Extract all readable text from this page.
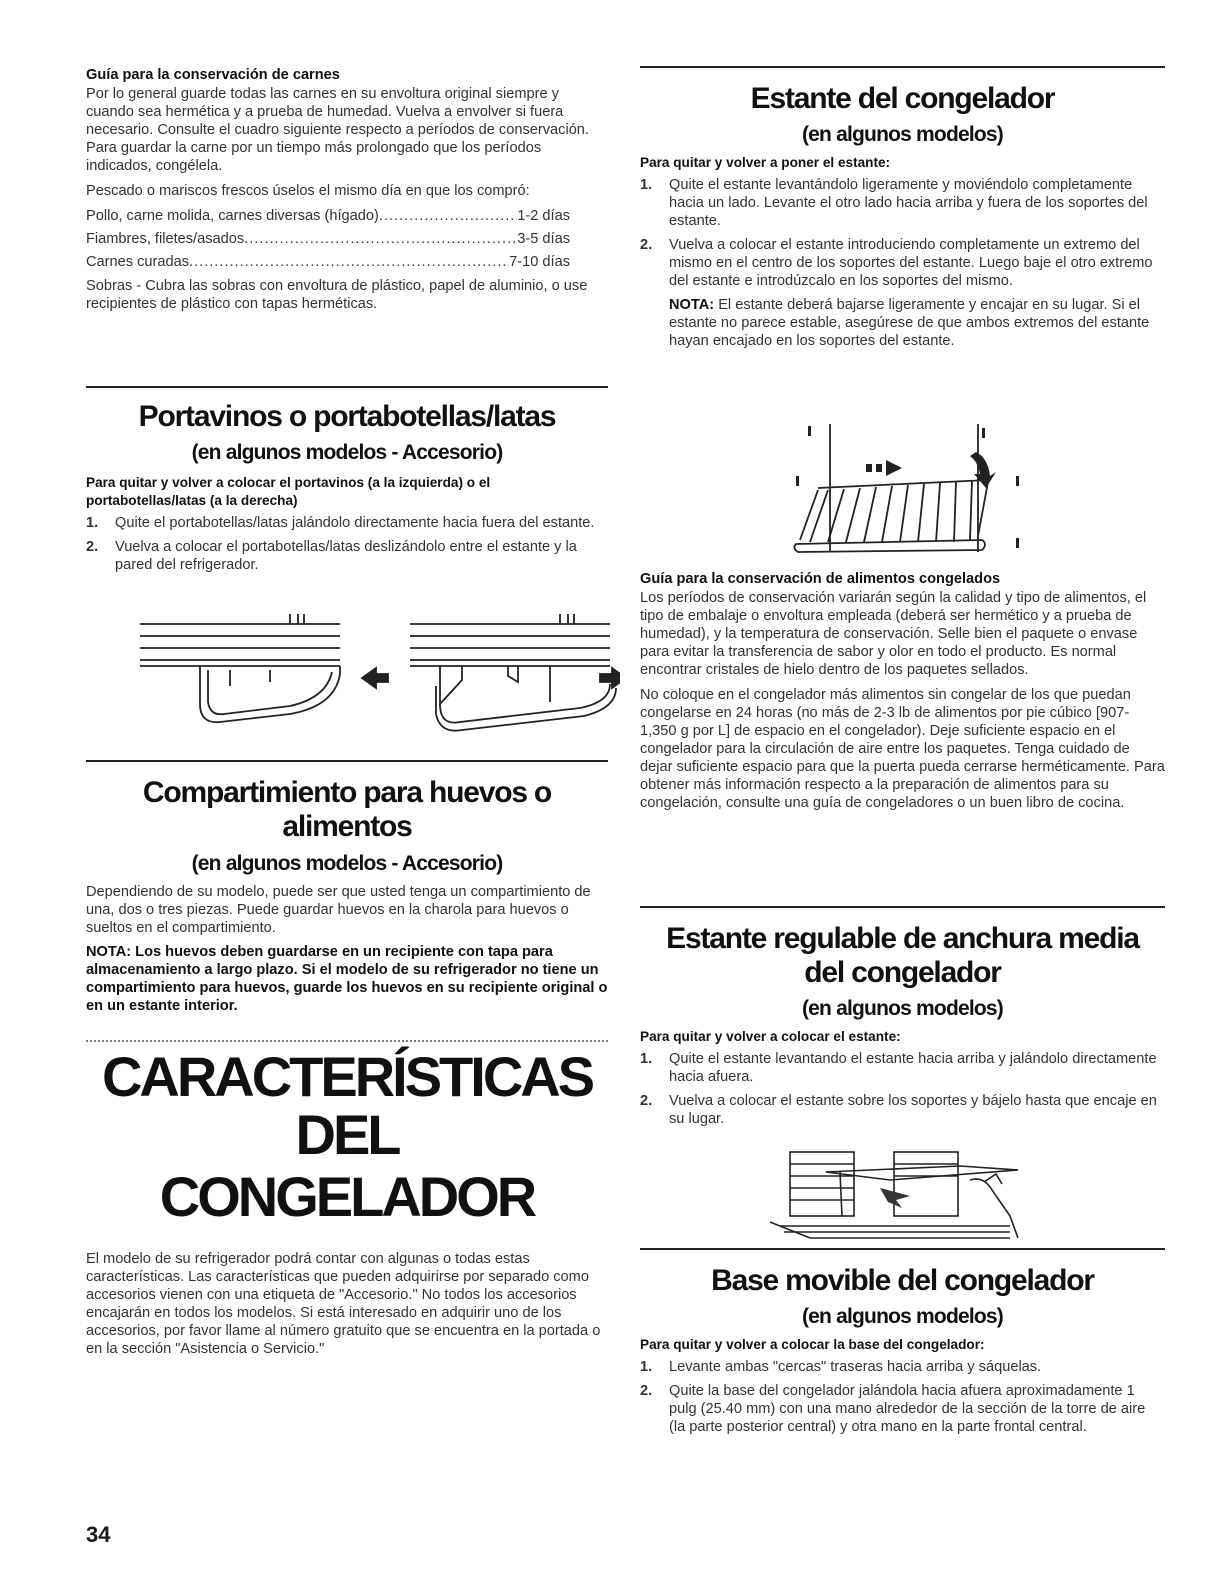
Guía para la conservación de carnes

Por lo general guarde todas las carnes en su envoltura original siempre y cuando sea hermética y a prueba de humedad. Vuelva a envolver si fuera necesario. Consulte el cuadro siguiente respecto a períodos de conservación. Para guardar la carne por un tiempo más prolongado que los períodos indicados, congélela.

Pescado o mariscos frescos úselos el mismo día en que los compró:

Pollo, carne molida, carnes diversas (hígado) .....	1-2 días
Fiambres, filetes/asados .....	3-5 días
Carnes curadas .....	7-10 días

Sobras - Cubra las sobras con envoltura de plástico, papel de aluminio, o use recipientes de plástico con tapas herméticas.

Portavinos o portabotellas/latas

(en algunos modelos - Accesorio)

Para quitar y volver a colocar el portavinos (a la izquierda) o el portabotellas/latas (a la derecha)

1. Quite el portabotellas/latas jalándolo directamente hacia fuera del estante.
2. Vuelva a colocar el portabotellas/latas deslizándolo entre el estante y la pared del refrigerador.

Compartimiento para huevos o

alimentos

(en algunos modelos - Accesorio)

Dependiendo de su modelo, puede ser que usted tenga un compartimiento de una, dos o tres piezas. Puede guardar huevos en la charola para huevos o sueltos en el compartimiento.

NOTA: Los huevos deben guardarse en un recipiente con tapa para almacenamiento a largo plazo. Si el modelo de su refrigerador no tiene un compartimiento para huevos, guarde los huevos en su recipiente original o en un estante interior.

CARACTERÍSTICAS DEL

CONGELADOR

El modelo de su refrigerador podrá contar con algunas o todas estas características. Las características que pueden adquirirse por separado como accesorios vienen con una etiqueta de "Accesorio." No todos los accesorios encajarán en todos los modelos. Si está interesado en adquirir uno de los accesorios, por favor llame al número gratuito que se encuentra en la portada o en la sección "Asistencia o Servicio."

Estante del congelador

(en algunos modelos)

Para quitar y volver a poner el estante:

1. Quite el estante levantándolo ligeramente y moviéndolo completamente hacia un lado. Levante el otro lado hacia arriba y fuera de los soportes del estante.
2. Vuelva a colocar el estante introduciendo completamente un extremo del mismo en el centro de los soportes del estante. Luego baje el otro extremo del estante e introdúzcalo en los soportes del mismo.

NOTA: El estante deberá bajarse ligeramente y encajar en su lugar. Si el estante no parece estable, asegúrese de que ambos extremos del estante hayan encajado en los soportes del estante.

Guía para la conservación de alimentos congelados

Los períodos de conservación variarán según la calidad y tipo de alimentos, el tipo de embalaje o envoltura empleada (deberá ser hermético y a prueba de humedad), y la temperatura de conservación. Selle bien el paquete o envase para evitar la transferencia de sabor y olor en todo el producto. Es normal encontrar cristales de hielo dentro de los paquetes sellados.

No coloque en el congelador más alimentos sin congelar de los que puedan congelarse en 24 horas (no más de 2-3 lb de alimentos por pie cúbico [907-1,350 g por L] de espacio en el congelador). Deje suficiente espacio en el congelador para la circulación de aire entre los paquetes. Tenga cuidado de dejar suficiente espacio para que la puerta pueda cerrarse herméticamente. Para obtener más información respecto a la preparación de alimentos para su congelación, consulte una guía de congeladores o un buen libro de cocina.

Estante regulable de anchura media

del congelador

(en algunos modelos)

Para quitar y volver a colocar el estante:

1. Quite el estante levantando el estante hacia arriba y jalándolo directamente hacia afuera.
2. Vuelva a colocar el estante sobre los soportes y bájelo hasta que encaje en su lugar.

Base movible del congelador

(en algunos modelos)

Para quitar y volver a colocar la base del congelador:

1. Levante ambas "cercas" traseras hacia arriba y sáquelas.
2. Quite la base del congelador jalándola hacia afuera aproximadamente 1 pulg (25.40 mm) con una mano alrededor de la sección de la torre de aire (la parte posterior central) y otra mano en la parte frontal central.
34
